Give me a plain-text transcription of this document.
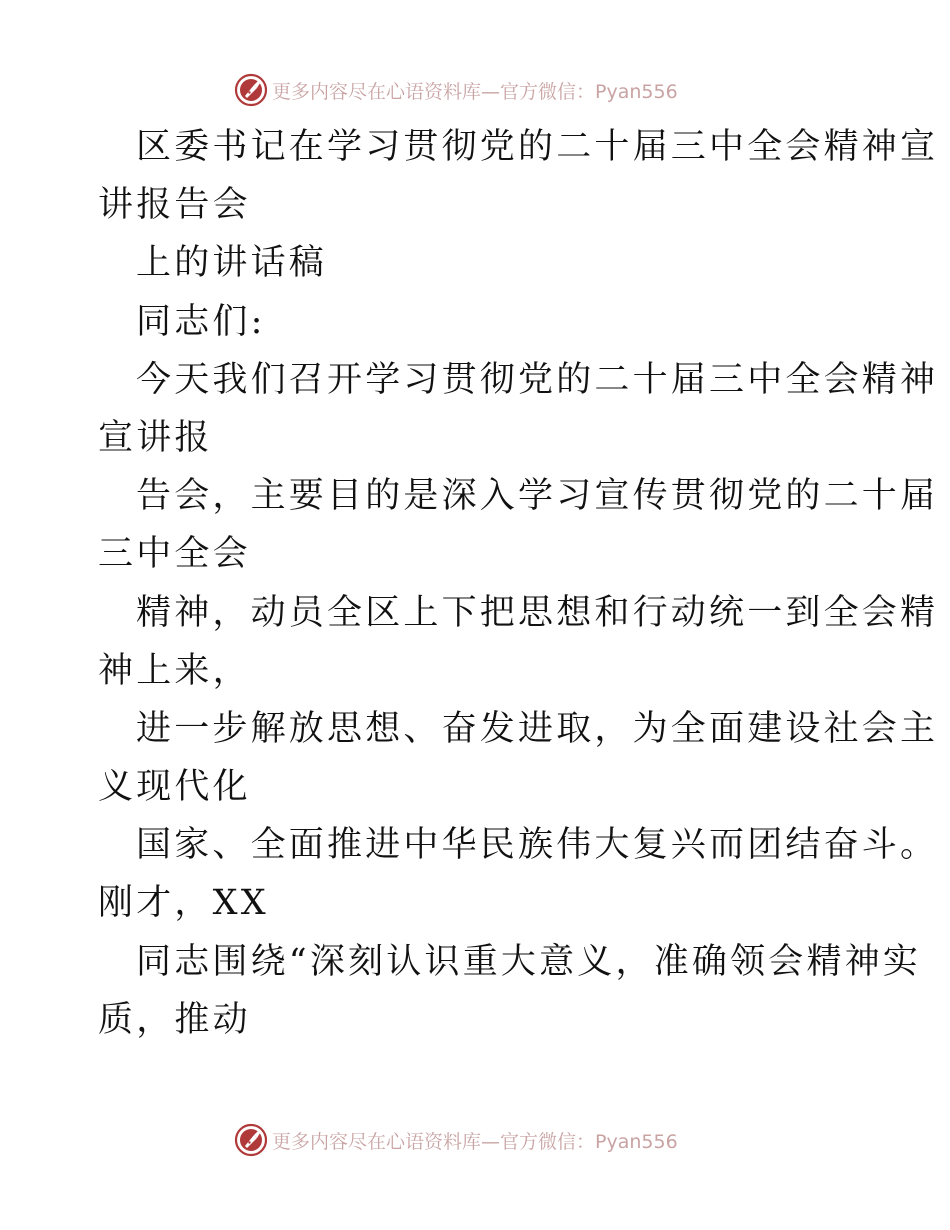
更多内容尽在心语资料库—官方微信：Pyan556
区委书记在学习贯彻党的二十届三中全会精神宣
讲报告会
上的讲话稿
同志们:
今天我们召开学习贯彻党的二十届三中全会精神
宣讲报
告会，主要目的是深入学习宣传贯彻党的二十届
三中全会
精神，动员全区上下把思想和行动统一到全会精
神上来，
进一步解放思想、奋发进取，为全面建设社会主
义现代化
国家、全面推进中华民族伟大复兴而团结奋斗。
刚才，XX
同志围绕“深刻认识重大意义，准确领会精神实
质，推动
更多内容尽在心语资料库—官方微信：Pyan556
